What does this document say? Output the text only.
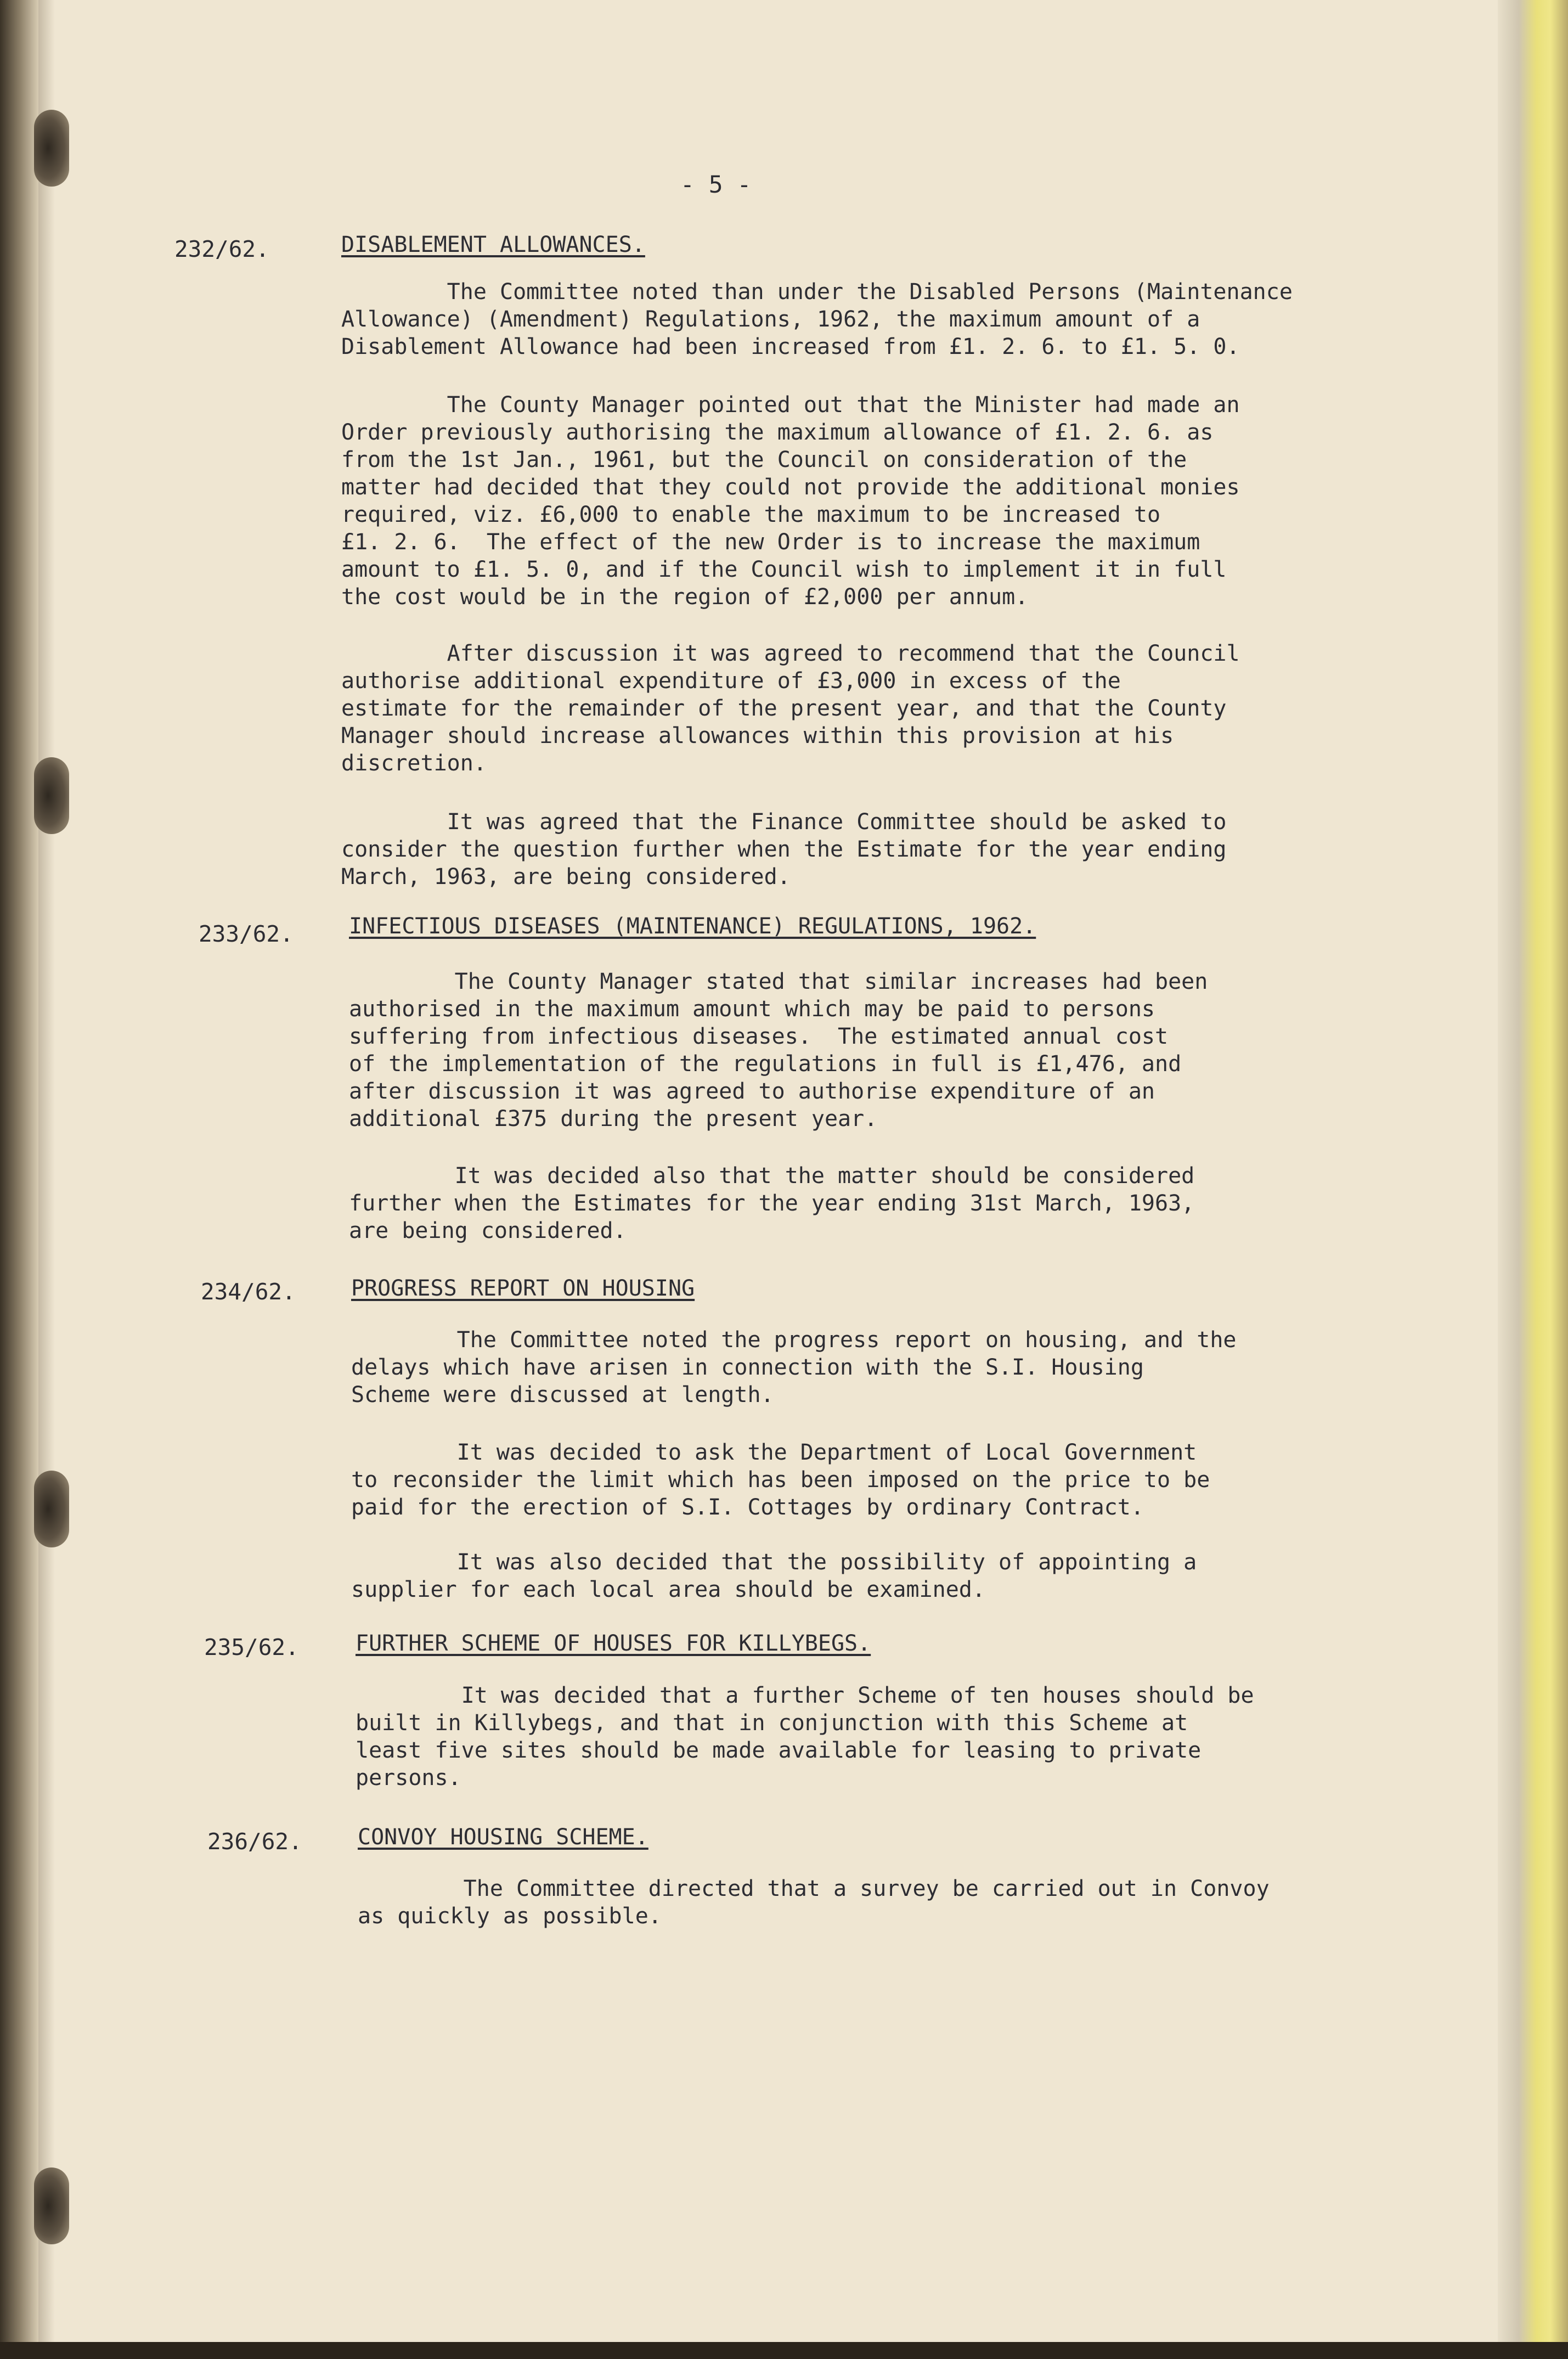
- 5 -
232/62.	DISABLEMENT ALLOWANCES.
The Committee noted than under the Disabled Persons (Maintenance
Allowance) (Amendment) Regulations, 1962, the maximum amount of a
Disablement Allowance had been increased from £1. 2. 6. to £1. 5. 0.
The County Manager pointed out that the Minister had made an
Order previously authorising the maximum allowance of £1. 2. 6. as
from the 1st Jan., 1961, but the Council on consideration of the
matter had decided that they could not provide the additional monies
required, viz. £6,000 to enable the maximum to be increased to
£1. 2. 6.  The effect of the new Order is to increase the maximum
amount to £1. 5. 0, and if the Council wish to implement it in full
the cost would be in the region of £2,000 per annum.
After discussion it was agreed to recommend that the Council
authorise additional expenditure of £3,000 in excess of the
estimate for the remainder of the present year, and that the County
Manager should increase allowances within this provision at his
discretion.
It was agreed that the Finance Committee should be asked to
consider the question further when the Estimate for the year ending
March, 1963, are being considered.
233/62.	INFECTIOUS DISEASES (MAINTENANCE) REGULATIONS, 1962.
The County Manager stated that similar increases had been
authorised in the maximum amount which may be paid to persons
suffering from infectious diseases.  The estimated annual cost
of the implementation of the regulations in full is £1,476, and
after discussion it was agreed to authorise expenditure of an
additional £375 during the present year.
It was decided also that the matter should be considered
further when the Estimates for the year ending 31st March, 1963,
are being considered.
234/62.	PROGRESS REPORT ON HOUSING
The Committee noted the progress report on housing, and the
delays which have arisen in connection with the S.I. Housing
Scheme were discussed at length.
It was decided to ask the Department of Local Government
to reconsider the limit which has been imposed on the price to be
paid for the erection of S.I. Cottages by ordinary Contract.
It was also decided that the possibility of appointing a
supplier for each local area should be examined.
235/62.	FURTHER SCHEME OF HOUSES FOR KILLYBEGS.
It was decided that a further Scheme of ten houses should be
built in Killybegs, and that in conjunction with this Scheme at
least five sites should be made available for leasing to private
persons.
236/62.	CONVOY HOUSING SCHEME.
The Committee directed that a survey be carried out in Convoy
as quickly as possible.
